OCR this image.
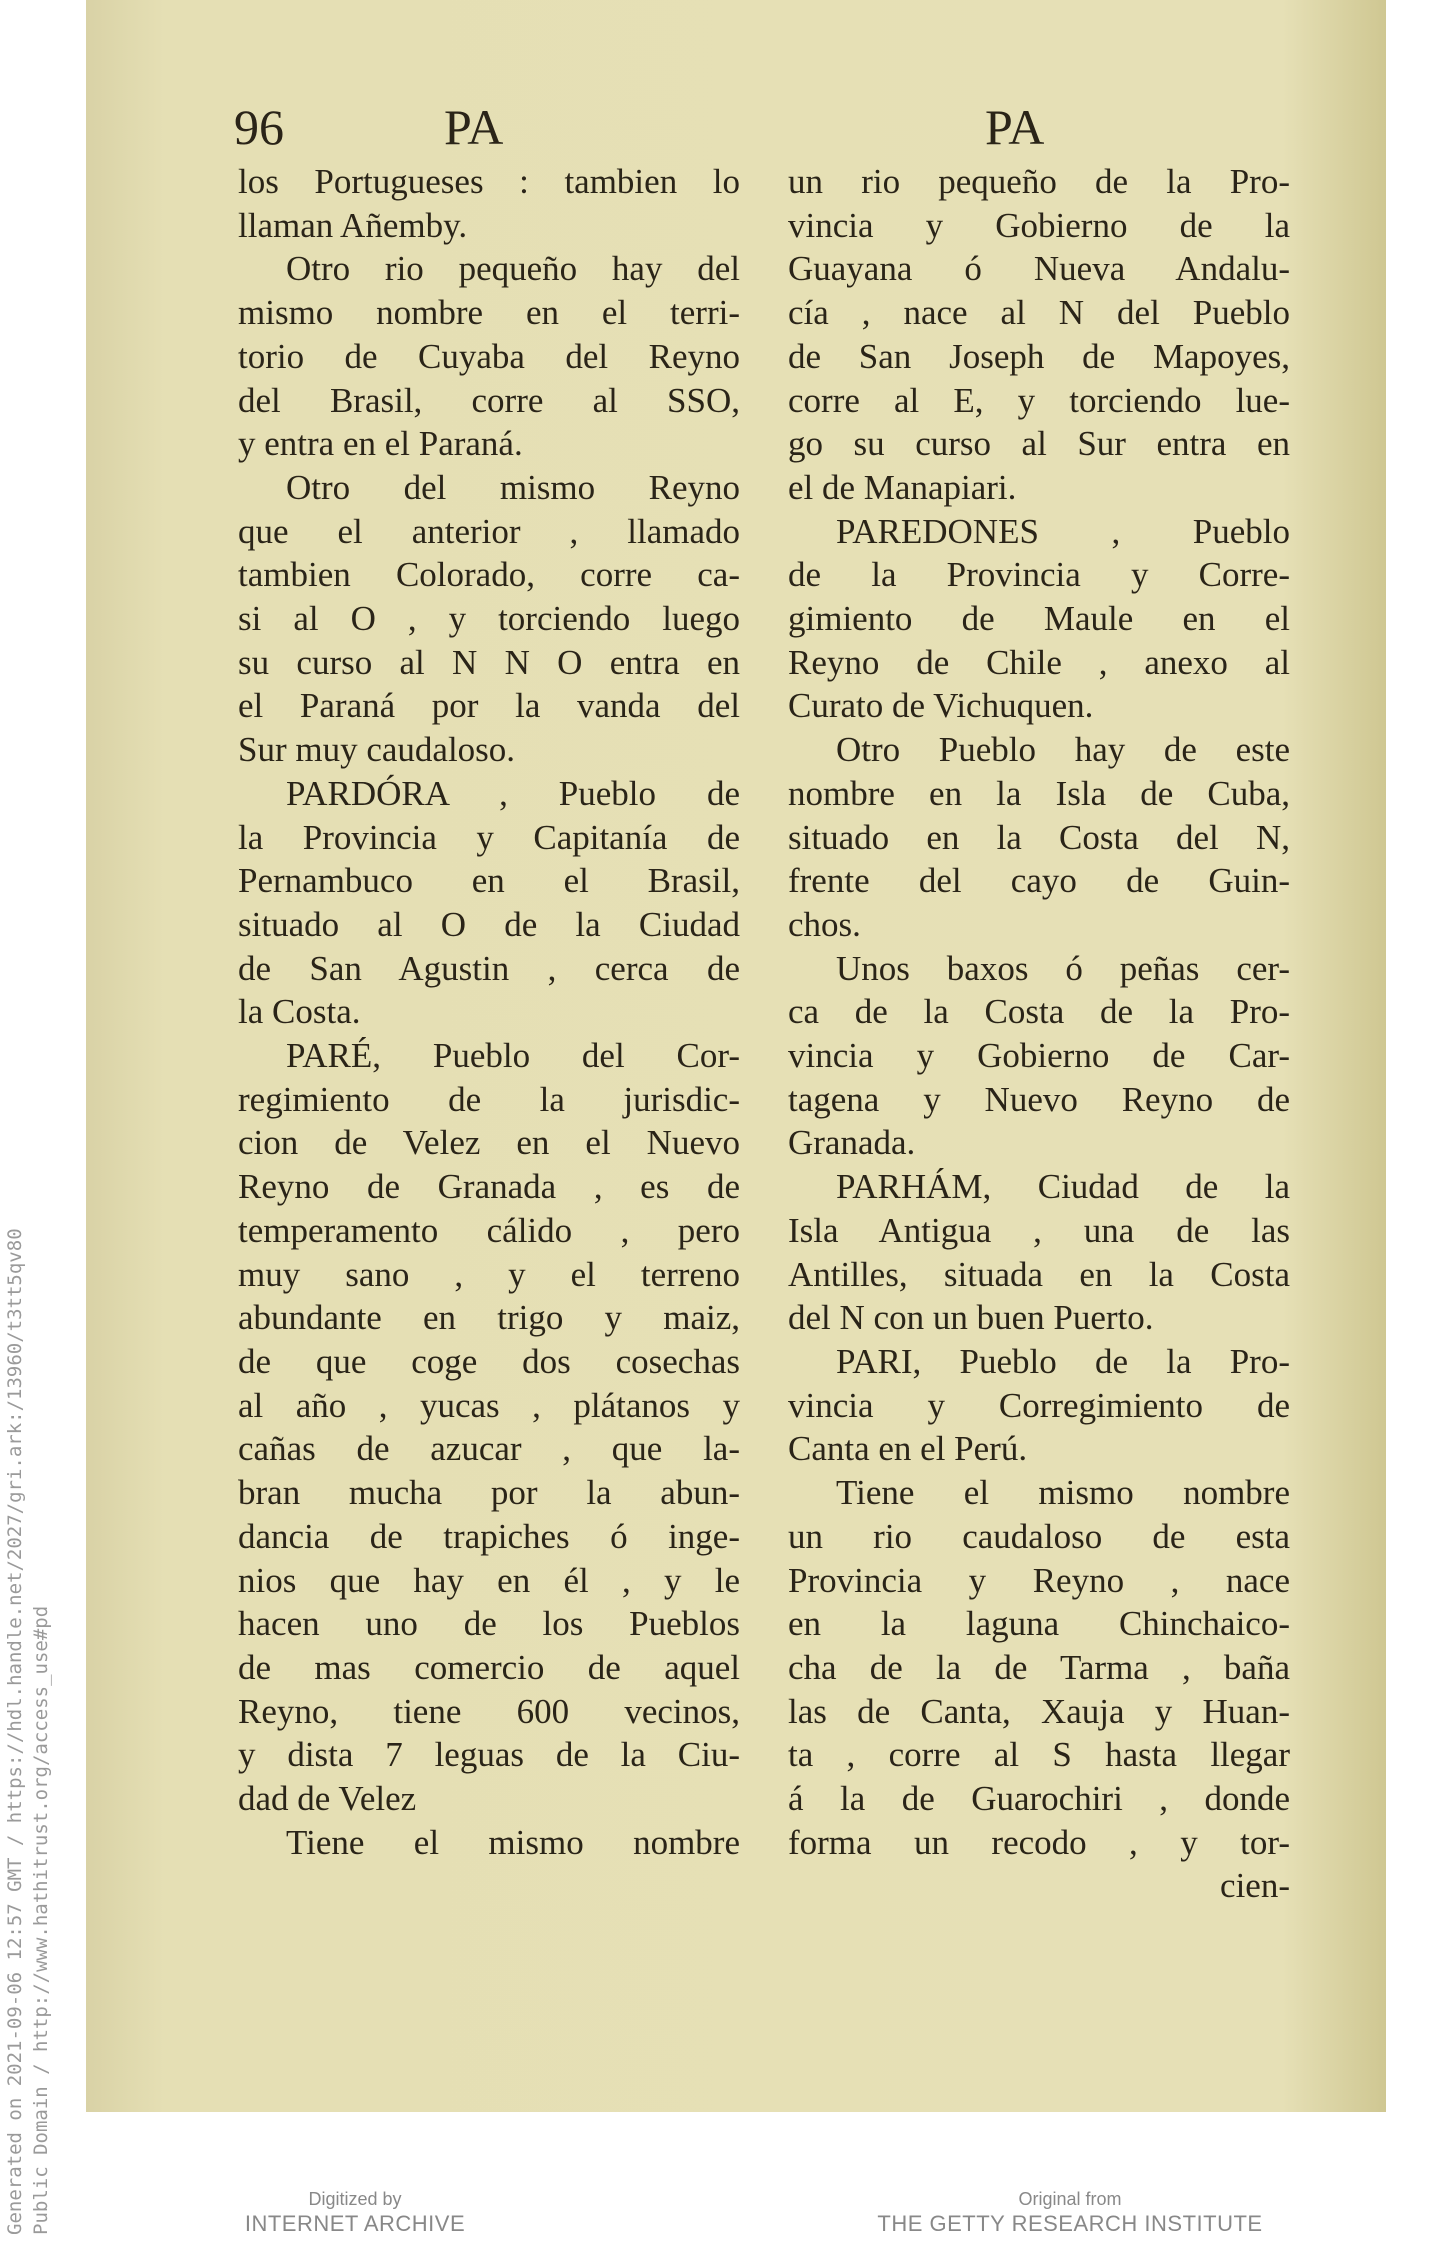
Generated on 2021-09-06 12:57 GMT / https://hdl.handle.net/2027/gri.ark:/13960/t3tt5qv80 Public Domain / http://www.hathitrust.org/access_use#pd
96	PA	PA

los Portugueses : tambien lo

llaman Añemby.

Otro rio pequeño hay del

mismo nombre en el terri-

torio de Cuyaba del Reyno

del Brasil, corre al SSO,

y entra en el Paraná.

Otro del mismo Reyno

que el anterior , llamado

tambien Colorado, corre ca-

si al O , y torciendo luego

su curso al N N O entra en

el Paraná por la vanda del

Sur muy caudaloso.

PARDÓRA , Pueblo de

la Provincia y Capitanía de

Pernambuco en el Brasil,

situado al O de la Ciudad

de San Agustin , cerca de

la Costa.

PARÉ, Pueblo del Cor-

regimiento de la jurisdic-

cion de Velez en el Nuevo

Reyno de Granada , es de

temperamento cálido , pero

muy sano , y el terreno

abundante en trigo y maiz,

de que coge dos cosechas

al año , yucas , plátanos y

cañas de azucar , que la-

bran mucha por la abun-

dancia de trapiches ó inge-

nios que hay en él , y le

hacen uno de los Pueblos

de mas comercio de aquel

Reyno, tiene 600 vecinos,

y dista 7 leguas de la Ciu-

dad de Velez

Tiene el mismo nombre

un rio pequeño de la Pro-

vincia y Gobierno de la

Guayana ó Nueva Andalu-

cía , nace al N del Pueblo

de San Joseph de Mapoyes,

corre al E, y torciendo lue-

go su curso al Sur entra en

el de Manapiari.

PAREDONES , Pueblo

de la Provincia y Corre-

gimiento de Maule en el

Reyno de Chile , anexo al

Curato de Vichuquen.

Otro Pueblo hay de este

nombre en la Isla de Cuba,

situado en la Costa del N,

frente del cayo de Guin-

chos.

Unos baxos ó peñas cer-

ca de la Costa de la Pro-

vincia y Gobierno de Car-

tagena y Nuevo Reyno de

Granada.

PARHÁM, Ciudad de la

Isla Antigua , una de las

Antilles, situada en la Costa

del N con un buen Puerto.

PARI, Pueblo de la Pro-

vincia y Corregimiento de

Canta en el Perú.

Tiene el mismo nombre

un rio caudaloso de esta

Provincia y Reyno , nace

en la laguna Chinchaico-

cha de la de Tarma , baña

las de Canta, Xauja y Huan-

ta , corre al S hasta llegar

á la de Guarochiri , donde

forma un recodo , y tor-

cien-

Digitized by
INTERNET ARCHIVE
Original from
THE GETTY RESEARCH INSTITUTE
